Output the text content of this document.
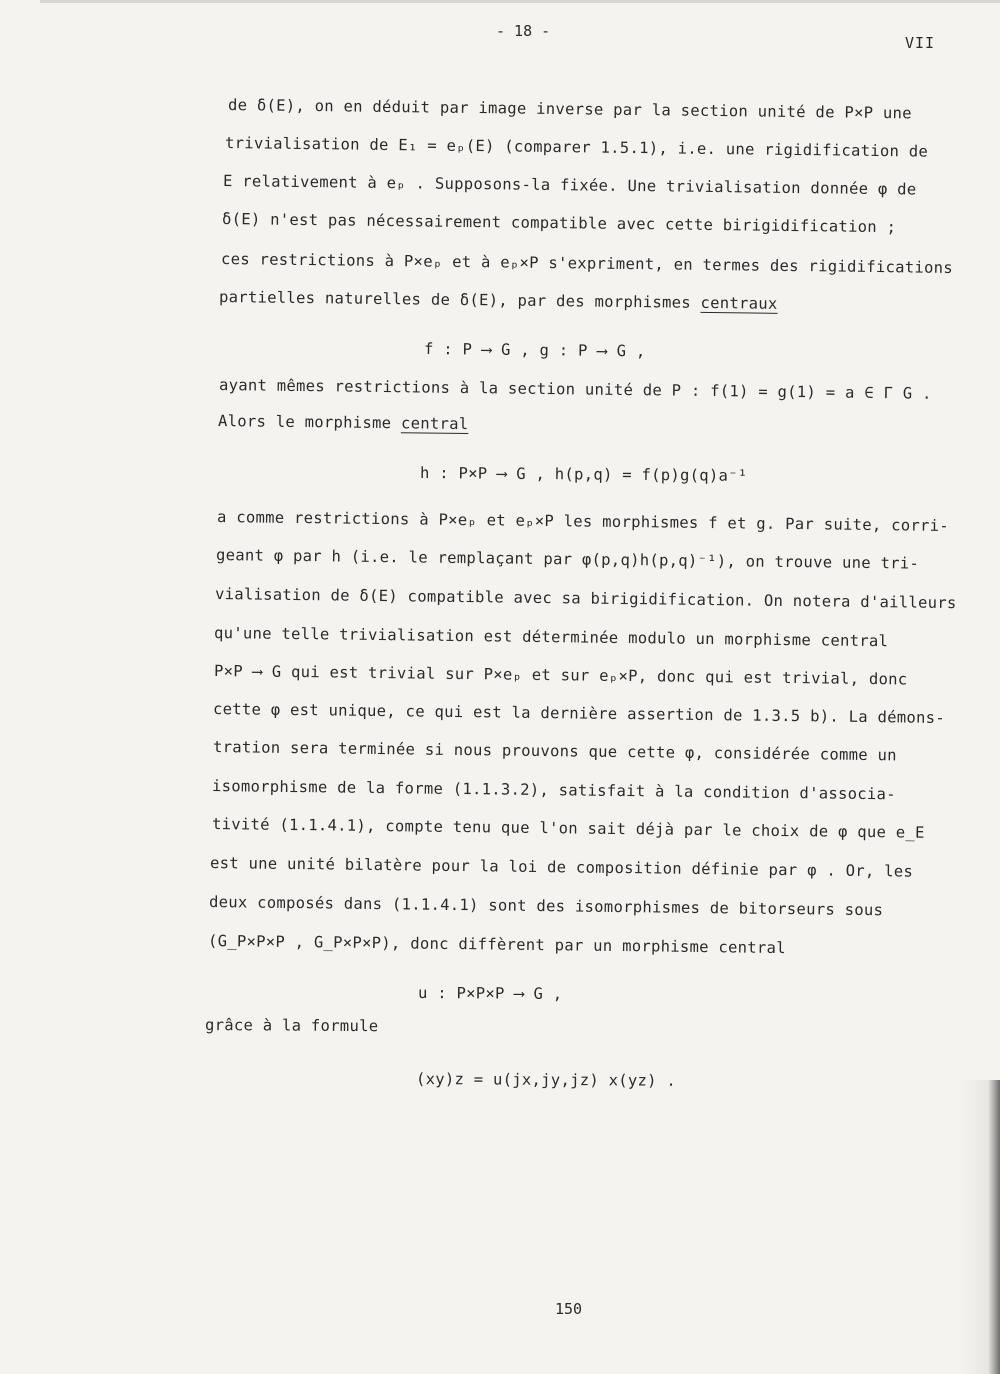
- 18 -
VII
de δ(E), on en déduit par image inverse par la section unité de P×P une
trivialisation de E₁ = eₚ(E) (comparer 1.5.1), i.e. une rigidification de
E relativement à eₚ . Supposons-la fixée. Une trivialisation donnée φ de
δ(E) n'est pas nécessairement compatible avec cette birigidification ;
ces restrictions à P×eₚ et à eₚ×P s'expriment, en termes des rigidifications
partielles naturelles de δ(E), par des morphismes centraux
f : P ⟶ G , g : P ⟶ G ,
ayant mêmes restrictions à la section unité de P : f(1) = g(1) = a ∈ Γ G .
Alors le morphisme central
h : P×P ⟶ G , h(p,q) = f(p)g(q)a⁻¹
a comme restrictions à P×eₚ et eₚ×P les morphismes f et g. Par suite, corri-
geant φ par h (i.e. le remplaçant par φ(p,q)h(p,q)⁻¹), on trouve une tri-
vialisation de δ(E) compatible avec sa birigidification. On notera d'ailleurs
qu'une telle trivialisation est déterminée modulo un morphisme central
P×P ⟶ G qui est trivial sur P×eₚ et sur eₚ×P, donc qui est trivial, donc
cette φ est unique, ce qui est la dernière assertion de 1.3.5 b). La démons-
tration sera terminée si nous prouvons que cette φ, considérée comme un
isomorphisme de la forme (1.1.3.2), satisfait à la condition d'associa-
tivité (1.1.4.1), compte tenu que l'on sait déjà par le choix de φ que e_E
est une unité bilatère pour la loi de composition définie par φ . Or, les
deux composés dans (1.1.4.1) sont des isomorphismes de bitorseurs sous
(G_P×P×P , G_P×P×P), donc diffèrent par un morphisme central
u : P×P×P ⟶ G ,
grâce à la formule
(xy)z = u(jx,jy,jz) x(yz) .
150
